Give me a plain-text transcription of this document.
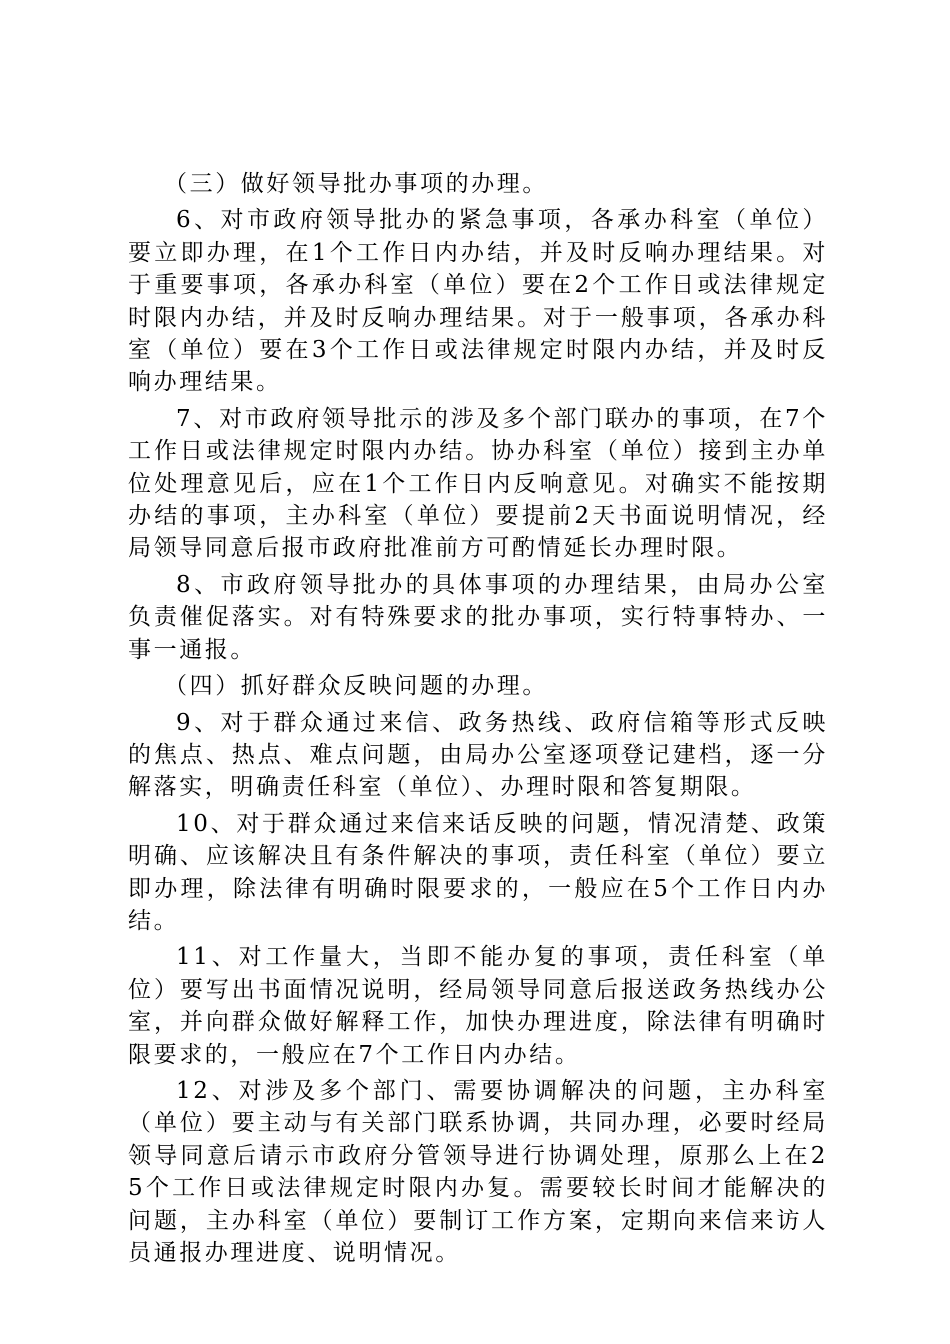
（三）做好领导批办事项的办理。

6、对市政府领导批办的紧急事项，各承办科室（单位）要立即办理，在1个工作日内办结，并及时反响办理结果。对于重要事项，各承办科室（单位）要在2个工作日或法律规定时限内办结，并及时反响办理结果。对于一般事项，各承办科室（单位）要在3个工作日或法律规定时限内办结，并及时反响办理结果。

7、对市政府领导批示的涉及多个部门联办的事项，在7个工作日或法律规定时限内办结。协办科室（单位）接到主办单位处理意见后，应在1个工作日内反响意见。对确实不能按期办结的事项，主办科室（单位）要提前2天书面说明情况，经局领导同意后报市政府批准前方可酌情延长办理时限。

8、市政府领导批办的具体事项的办理结果，由局办公室负责催促落实。对有特殊要求的批办事项，实行特事特办、一事一通报。

（四）抓好群众反映问题的办理。

9、对于群众通过来信、政务热线、政府信箱等形式反映的焦点、热点、难点问题，由局办公室逐项登记建档，逐一分解落实，明确责任科室（单位）、办理时限和答复期限。

10、对于群众通过来信来话反映的问题，情况清楚、政策明确、应该解决且有条件解决的事项，责任科室（单位）要立即办理，除法律有明确时限要求的，一般应在5个工作日内办结。

11、对工作量大，当即不能办复的事项，责任科室（单位）要写出书面情况说明，经局领导同意后报送政务热线办公室，并向群众做好解释工作，加快办理进度，除法律有明确时限要求的，一般应在7个工作日内办结。

12、对涉及多个部门、需要协调解决的问题，主办科室（单位）要主动与有关部门联系协调，共同办理，必要时经局领导同意后请示市政府分管领导进行协调处理，原那么上在25个工作日或法律规定时限内办复。需要较长时间才能解决的问题，主办科室（单位）要制订工作方案，定期向来信来访人员通报办理进度、说明情况。
